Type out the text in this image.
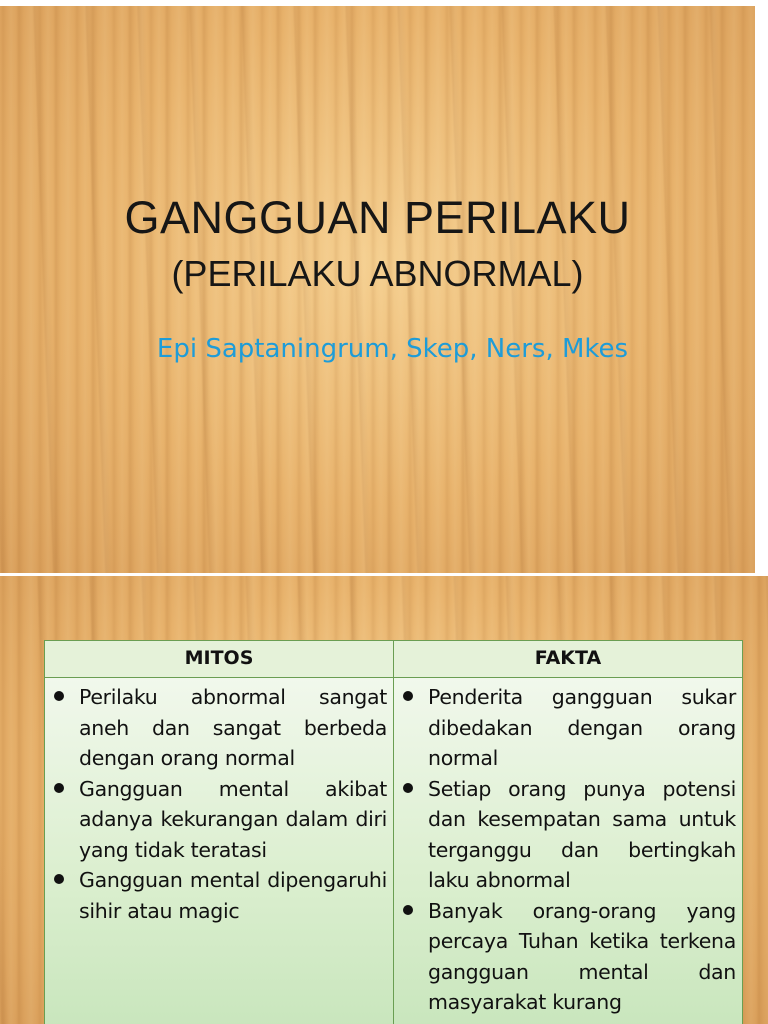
GANGGUAN PERILAKU
(PERILAKU ABNORMAL)
Epi Saptaningrum, Skep, Ners, Mkes
MITOS	FAKTA
Perilaku abnormal sangat aneh dan sangat berbeda dengan orang normal
Gangguan mental akibat adanya kekurangan dalam diri yang tidak teratasi
Gangguan mental dipengaruhi sihir atau magic
Penderita gangguan sukar dibedakan dengan orang normal
Setiap orang punya potensi dan kesempatan sama untuk terganggu dan bertingkah laku abnormal
Banyak orang-orang yang percaya Tuhan ketika terkena gangguan mental dan masyarakat kurang
